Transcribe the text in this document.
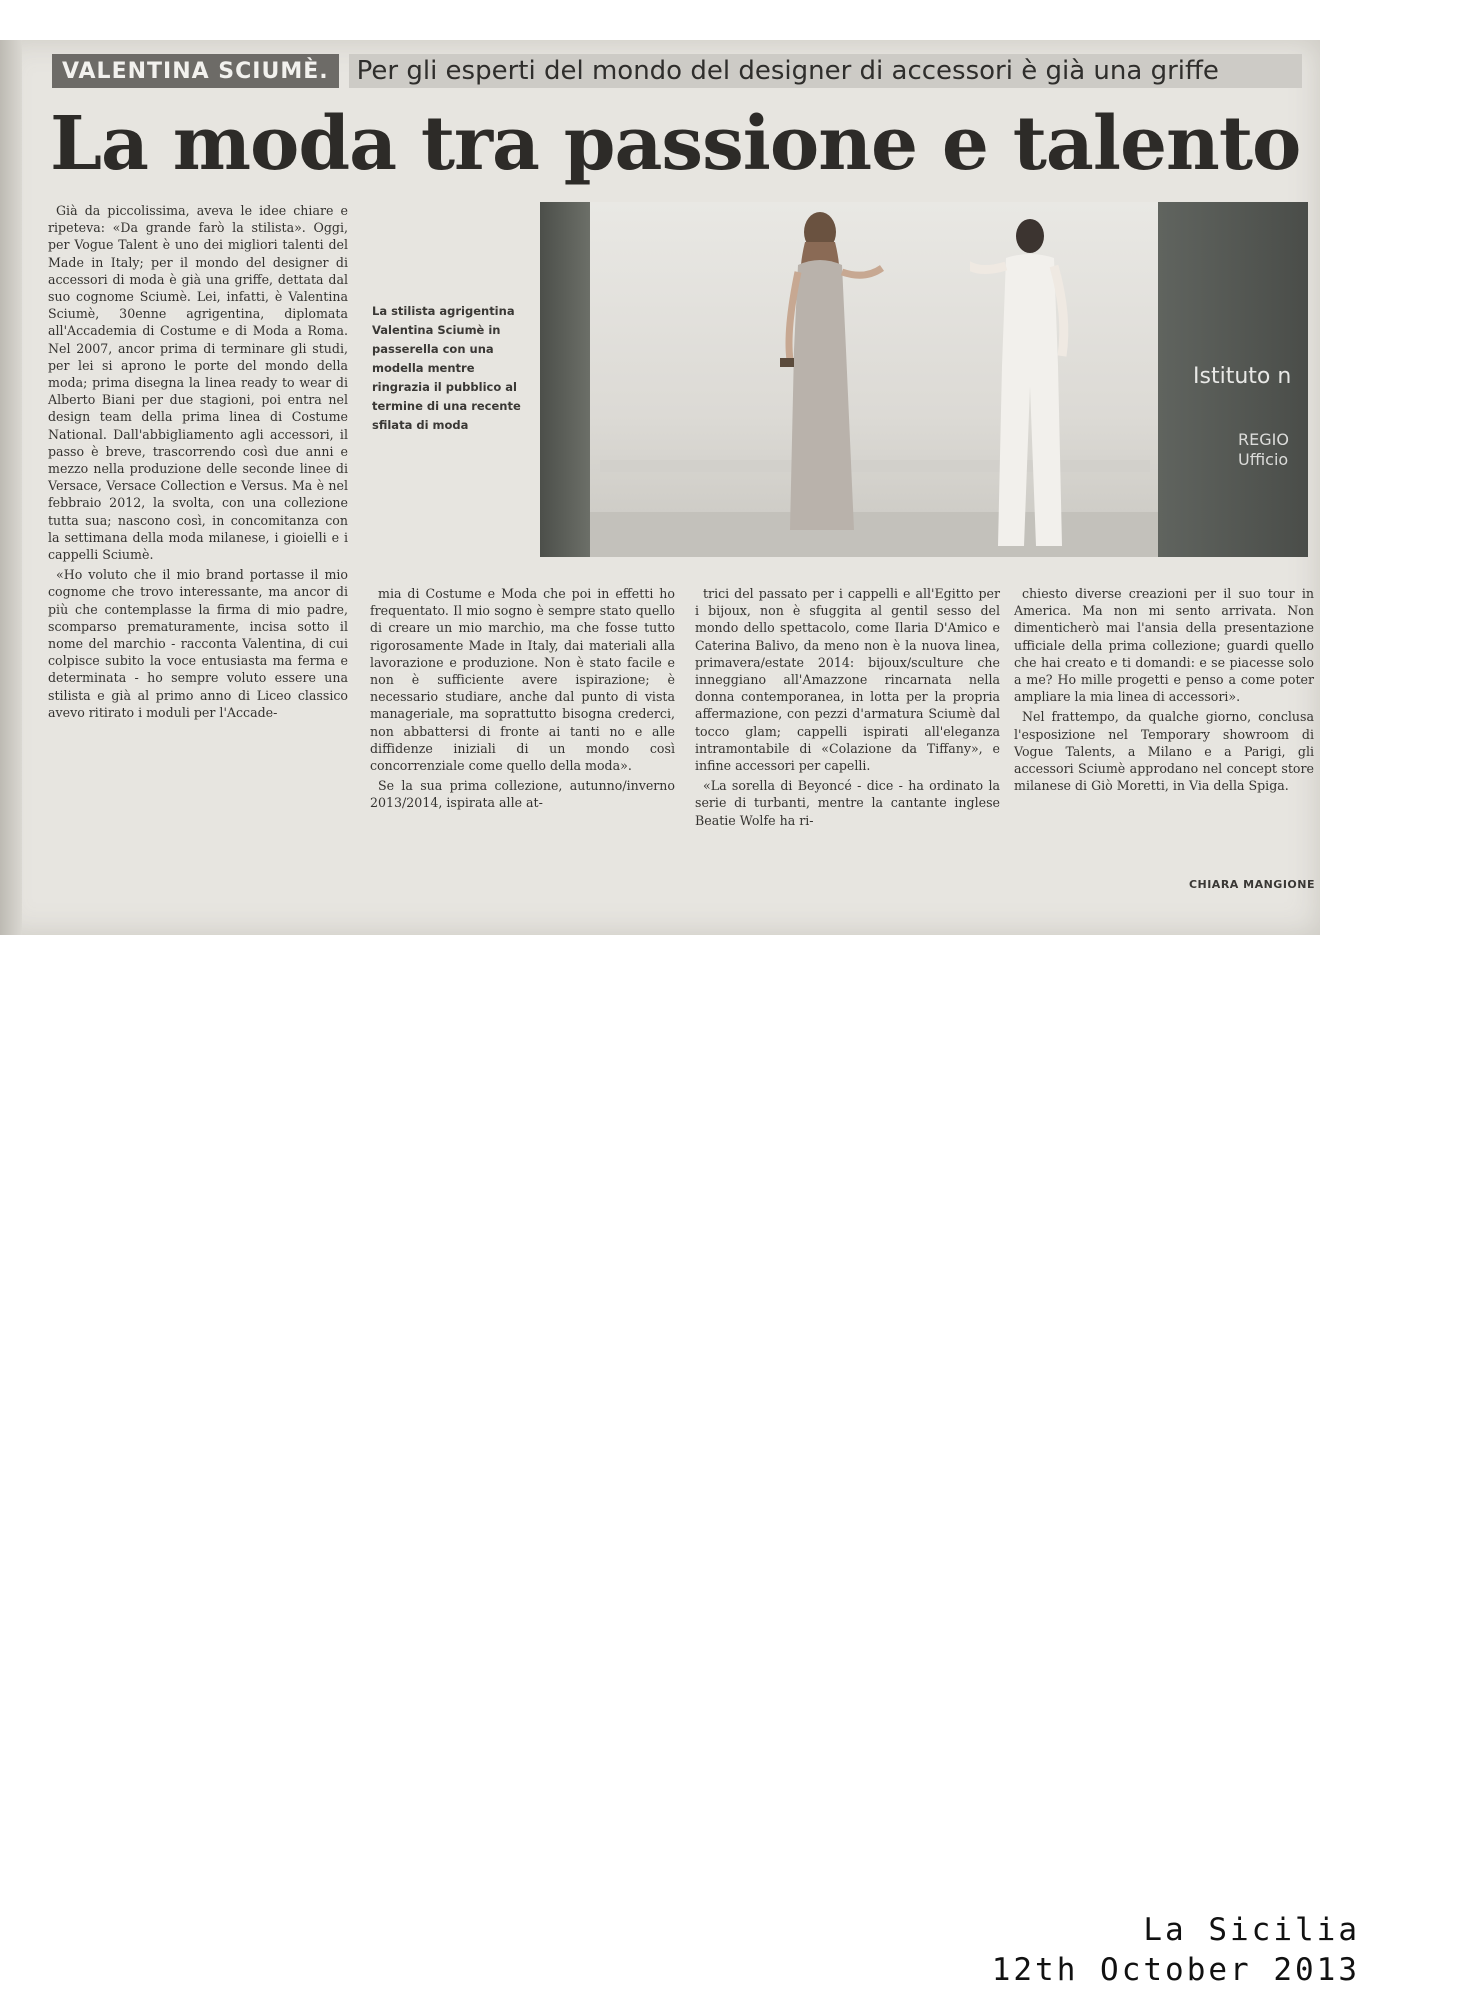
VALENTINA SCIUMÈ.	Per gli esperti del mondo del designer di accessori è già una griffe
La moda tra passione e talento

Già da piccolissima, aveva le idee chiare e ripeteva: «Da grande farò la stilista». Oggi, per Vogue Talent è uno dei migliori talenti del Made in Italy; per il mondo del designer di accessori di moda è già una griffe, dettata dal suo cognome Sciumè. Lei, infatti, è Valentina Sciumè, 30enne agrigentina, diplomata all'Accademia di Costume e di Moda a Roma. Nel 2007, ancor prima di terminare gli studi, per lei si aprono le porte del mondo della moda; prima disegna la linea ready to wear di Alberto Biani per due stagioni, poi entra nel design team della prima linea di Costume National. Dall'abbigliamento agli accessori, il passo è breve, trascorrendo così due anni e mezzo nella produzione delle seconde linee di Versace, Versace Collection e Versus. Ma è nel febbraio 2012, la svolta, con una collezione tutta sua; nascono così, in concomitanza con la settimana della moda milanese, i gioielli e i cappelli Sciumè.

«Ho voluto che il mio brand portasse il mio cognome che trovo interessante, ma ancor di più che contemplasse la firma di mio padre, scomparso prematuramente, incisa sotto il nome del marchio - racconta Valentina, di cui colpisce subito la voce entusiasta ma ferma e determinata - ho sempre voluto essere una stilista e già al primo anno di Liceo classico avevo ritirato i moduli per l'Accade-

La stilista agrigentina Valentina Sciumè in passerella con una modella mentre ringrazia il pubblico al termine di una recente sfilata di moda
Istituto n
REGIO Ufficio

mia di Costume e Moda che poi in effetti ho frequentato. Il mio sogno è sempre stato quello di creare un mio marchio, ma che fosse tutto rigorosamente Made in Italy, dai materiali alla lavorazione e produzione. Non è stato facile e non è sufficiente avere ispirazione; è necessario studiare, anche dal punto di vista manageriale, ma soprattutto bisogna crederci, non abbattersi di fronte ai tanti no e alle diffidenze iniziali di un mondo così concorrenziale come quello della moda».

Se la sua prima collezione, autunno/inverno 2013/2014, ispirata alle at-

trici del passato per i cappelli e all'Egitto per i bijoux, non è sfuggita al gentil sesso del mondo dello spettacolo, come Ilaria D'Amico e Caterina Balivo, da meno non è la nuova linea, primavera/estate 2014: bijoux/sculture che inneggiano all'Amazzone rincarnata nella donna contemporanea, in lotta per la propria affermazione, con pezzi d'armatura Sciumè dal tocco glam; cappelli ispirati all'eleganza intramontabile di «Colazione da Tiffany», e infine accessori per capelli.

«La sorella di Beyoncé - dice - ha ordinato la serie di turbanti, mentre la cantante inglese Beatie Wolfe ha ri-

chiesto diverse creazioni per il suo tour in America. Ma non mi sento arrivata. Non dimenticherò mai l'ansia della presentazione ufficiale della prima collezione; guardi quello che hai creato e ti domandi: e se piacesse solo a me? Ho mille progetti e penso a come poter ampliare la mia linea di accessori».

Nel frattempo, da qualche giorno, conclusa l'esposizione nel Temporary showroom di Vogue Talents, a Milano e a Parigi, gli accessori Sciumè approdano nel concept store milanese di Giò Moretti, in Via della Spiga.

CHIARA MANGIONE
La Sicilia
12th October 2013
